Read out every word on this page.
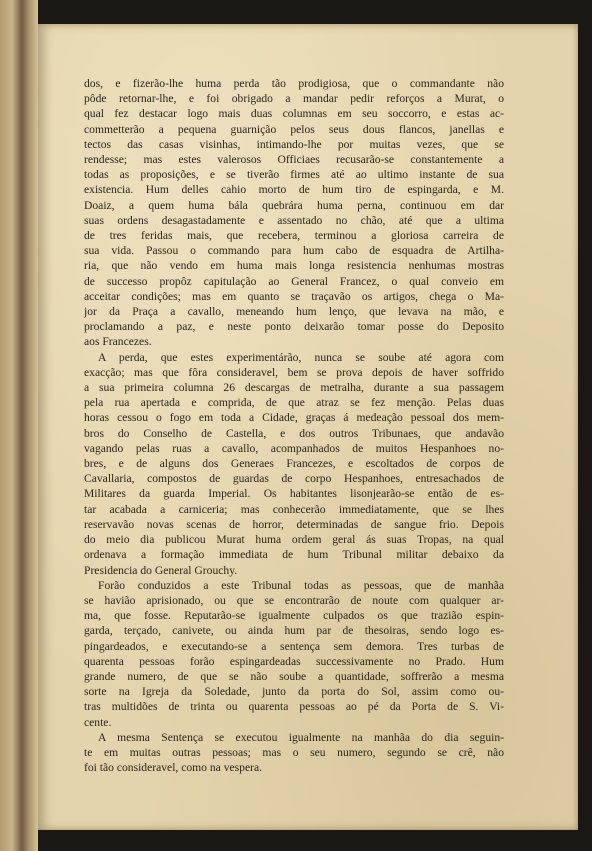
dos, e fizerão-lhe huma perda tão prodigiosa, que o commandante não
pôde retornar-lhe, e foi obrigado a mandar pedir reforços a Murat, o
qual fez destacar logo mais duas columnas em seu soccorro, e estas ac-
commetterão a pequena guarnição pelos seus dous flancos, janellas e
tectos das casas visinhas, intimando-lhe por muitas vezes, que se
rendesse; mas estes valerosos Officiaes recusarão-se constantemente a
todas as proposições, e se tiverão firmes até ao ultimo instante de sua
existencia. Hum delles cahio morto de hum tiro de espingarda, e M.
Doaiz, a quem huma bála quebrára huma perna, continuou em dar
suas ordens desagastadamente e assentado no chão, até que a ultima
de tres feridas mais, que recebera, terminou a gloriosa carreira de
sua vida. Passou o commando para hum cabo de esquadra de Artilha-
ria, que não vendo em huma mais longa resistencia nenhumas mostras
de successo propôz capitulação ao General Francez, o qual conveio em
acceitar condições; mas em quanto se traçavão os artigos, chega o Ma-
jor da Praça a cavallo, meneando hum lenço, que levava na mão, e
proclamando a paz, e neste ponto deixarão tomar posse do Deposito
aos Francezes.

A perda, que estes experimentárão, nunca se soube até agora com
exacção; mas que fôra consideravel, bem se prova depois de haver soffrido
a sua primeira columna 26 descargas de metralha, durante a sua passagem
pela rua apertada e comprida, de que atraz se fez menção. Pelas duas
horas cessou o fogo em toda a Cidade, graças á medeação pessoal dos mem-
bros do Conselho de Castella, e dos outros Tribunaes, que andavão
vagando pelas ruas a cavallo, acompanhados de muitos Hespanhoes no-
bres, e de alguns dos Generaes Francezes, e escoltados de corpos de
Cavallaria, compostos de guardas de corpo Hespanhoes, entresachados de
Militares da guarda Imperial. Os habitantes lisonjearão-se então de es-
tar acabada a carniceria; mas conhecerão immediatamente, que se lhes
reservavão novas scenas de horror, determinadas de sangue frio. Depois
do meio dia publicou Murat huma ordem geral ás suas Tropas, na qual
ordenava a formação immediata de hum Tribunal militar debaixo da
Presidencia do General Grouchy.

Forão conduzidos a este Tribunal todas as pessoas, que de manhãa
se havião aprisionado, ou que se encontrarão de noute com qualquer ar-
ma, que fosse. Reputarão-se igualmente culpados os que trazião espin-
garda, terçado, canivete, ou ainda hum par de thesoiras, sendo logo es-
pingardeados, e executando-se a sentença sem demora. Tres turbas de
quarenta pessoas forão espingardeadas successivamente no Prado. Hum
grande numero, de que se não soube a quantidade, soffrerão a mesma
sorte na Igreja da Soledade, junto da porta do Sol, assim como ou-
tras multidões de trinta ou quarenta pessoas ao pé da Porta de S. Vi-
cente.

A mesma Sentença se executou igualmente na manhãa do dia seguin-
te em muitas outras pessoas; mas o seu numero, segundo se crê, não
foi tão consideravel, como na vespera.
